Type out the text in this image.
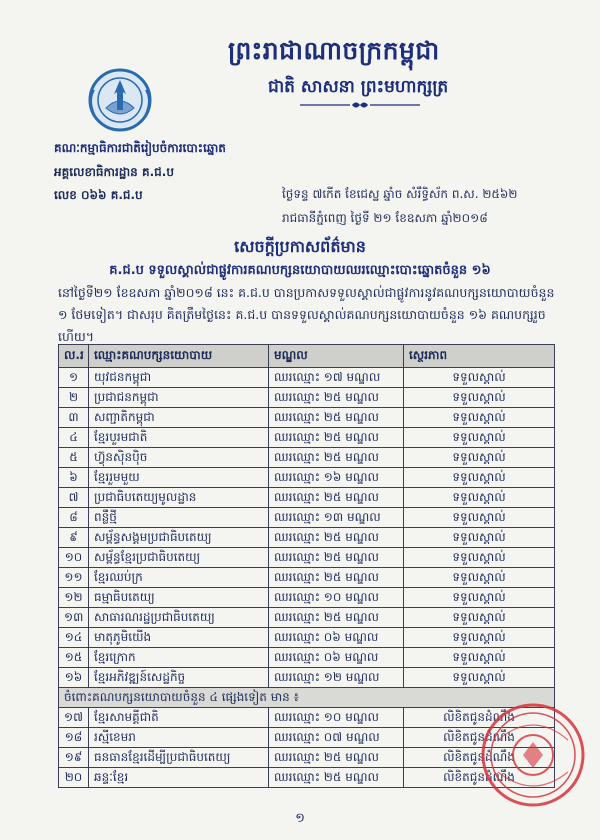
ព្រះរាជាណាចក្រកម្ពុជា
ជាតិ សាសនា ព្រះមហាក្សត្រ
គណៈកម្មាធិការជាតិរៀបចំការបោះឆ្នោត
អគ្គលេខាធិការដ្ឋាន គ.ជ.ប
លេខ ០៦៦ គ.ជ.ប	ថ្ងៃទន្ទ ៧កើត ខែជេស្ឋ ឆ្នាំច សំរឹទ្ធិស័ក ព.ស. ២៥៦២
រាជធានីភ្នំពេញ ថ្ងៃទី ២១ ខែឧសភា ឆ្នាំ២០១៨
សេចក្តីប្រកាសព័ត៌មាន
គ.ជ.ប ទទួលស្គាល់ជាផ្លូវការគណបក្សនយោបាយឈរឈ្មោះបោះឆ្នោតចំនួន ១៦
នៅថ្ងៃទី២១ ខែឧសភា ឆ្នាំ២០១៨ នេះ គ.ជ.ប បានប្រកាសទទួលស្គាល់ជាផ្លូវការនូវគណបក្សនយោបាយចំនួន ១ ថែមទៀត។ ជាសរុប គិតត្រឹមថ្ងៃនេះ គ.ជ.ប បានទទួលស្គាល់គណបក្សនយោបាយចំនួន ១៦ គណបក្សរួចហើយ។
ល.រ	ឈ្មោះគណបក្សនយោបាយ	មណ្ឌល	ស្ថេរភាព
១	យុវជនកម្ពុជា	ឈរឈ្មោះ ១៧ មណ្ឌល	ទទួលស្គាល់
២	ប្រជាជនកម្ពុជា	ឈរឈ្មោះ ២៥ មណ្ឌល	ទទួលស្គាល់
៣	សញ្ជាតិកម្ពុជា	ឈរឈ្មោះ ២៥ មណ្ឌល	ទទួលស្គាល់
៤	ខ្មែរបួរមជាតិ	ឈរឈ្មោះ ២៥ មណ្ឌល	ទទួលស្គាល់
៥	ហ៊្វុនស៊ិនប៉ិច	ឈរឈ្មោះ ២៥ មណ្ឌល	ទទួលស្គាល់
៦	ខ្មែររួមមួយ	ឈរឈ្មោះ ១៦ មណ្ឌល	ទទួលស្គាល់
៧	ប្រជាធិបតេយ្យមូលដ្ឋាន	ឈរឈ្មោះ ២៥ មណ្ឌល	ទទួលស្គាល់
៨	ពន្លឺថ្មី	ឈរឈ្មោះ ១៣ មណ្ឌល	ទទួលស្គាល់
៩	សម្ព័ន្ធសង្គមប្រជាធិបតេយ្យ	ឈរឈ្មោះ ២៥ មណ្ឌល	ទទួលស្គាល់
១០	សម្ព័ន្ធខ្មែរប្រជាធិបតេយ្យ	ឈរឈ្មោះ ២៥ មណ្ឌល	ទទួលស្គាល់
១១	ខ្មែរឈប់ក្រ	ឈរឈ្មោះ ២៥ មណ្ឌល	ទទួលស្គាល់
១២	ធម្មាធិបតេយ្យ	ឈរឈ្មោះ ១០ មណ្ឌល	ទទួលស្គាល់
១៣	សាធារណរដ្ឋប្រជាធិបតេយ្យ	ឈរឈ្មោះ ២៥ មណ្ឌល	ទទួលស្គាល់
១៤	មាតុភូមិយើង	ឈរឈ្មោះ ០៦ មណ្ឌល	ទទួលស្គាល់
១៥	ខ្មែរក្រោក	ឈរឈ្មោះ ០៦ មណ្ឌល	ទទួលស្គាល់
១៦	ខ្មែរអភិវឌ្ឍន៍សេដ្ឋកិច្ច	ឈរឈ្មោះ ១២ មណ្ឌល	ទទួលស្គាល់
ចំពោះគណបក្សនយោបាយចំនួន ៤ ផ្សេងទៀត មាន ៖			
១៧	ខ្មែរសាមគ្គីជាតិ	ឈរឈ្មោះ ១០ មណ្ឌល	លិខិតជូនដំណឹង
១៨	រស្មីខេមរា	ឈរឈ្មោះ ០៧ មណ្ឌល	លិខិតជូនដំណឹង
១៩	ធនធានខ្មែរដើម្បីប្រជាធិបតេយ្យ	ឈរឈ្មោះ ២៥ មណ្ឌល	លិខិតជូនដំណឹង
២០	ឆន្ទៈខ្មែរ	ឈរឈ្មោះ ២៥ មណ្ឌល	លិខិតជូនដំណឹង
១
